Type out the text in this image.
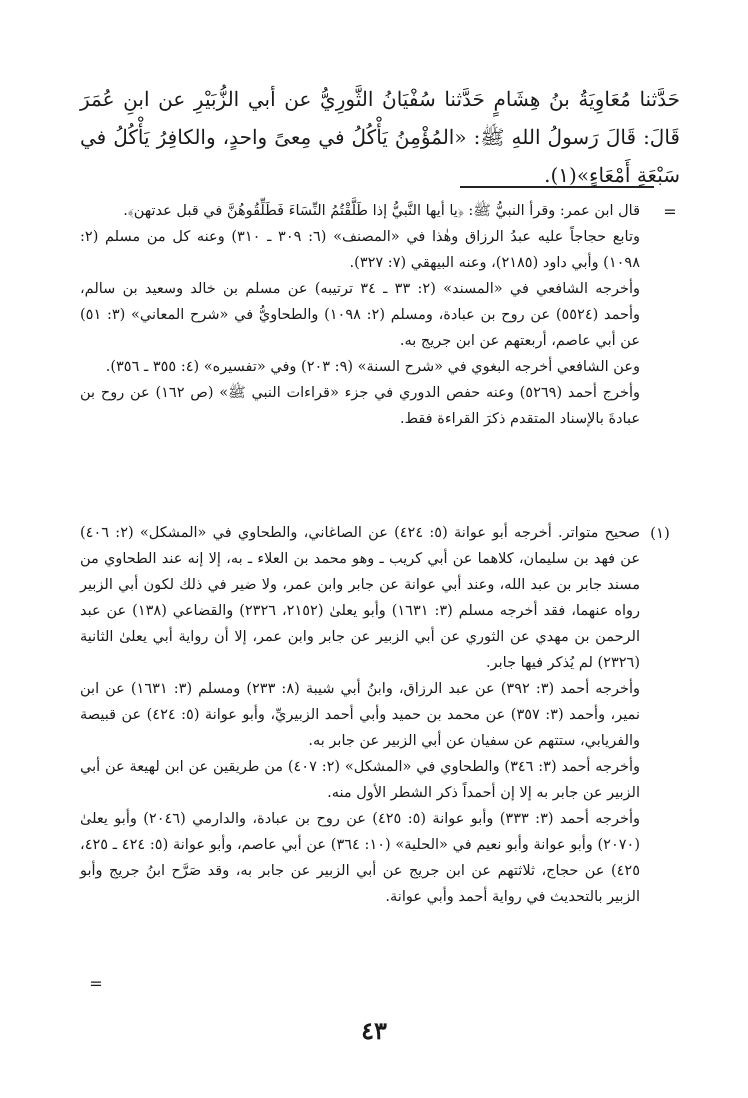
حَدَّثنا مُعَاوِيَةُ بنُ هِشَامٍ حَدَّثنا سُفْيَانُ الثَّورِيُّ عن أبي الزُّبَيْرِ عن ابنِ عُمَرَ قَالَ: قَالَ رَسولُ اللهِ ﷺ: «المُؤْمِنُ يَأْكُلُ في مِعىً واحدٍ، والكافِرُ يَأْكُلُ في سَبْعَةِ أَمْعَاءٍ»(١).
=

قال ابن عمر: وقرأ النبيُّ ﷺ: ﴿يا أيها النَّبيُّ إذا طَلَّقْتُمُ النِّسَاءَ فَطَلِّقُوهُنَّ في قبل عدتهن﴾.

وتابع حجاجاً عليه عبدُ الرزاق وهٰذا في «المصنف» (٦: ٣٠٩ ـ ٣١٠) وعنه كل من مسلم (٢: ١٠٩٨) وأبي داود (٢١٨٥)، وعنه البيهقي (٧: ٣٢٧).

وأخرجه الشافعي في «المسند» (٢: ٣٣ ـ ٣٤ ترتيبه) عن مسلم بن خالد وسعيد بن سالم، وأحمد (٥٥٢٤) عن روح بن عبادة، ومسلم (٢: ١٠٩٨) والطحاويُّ في «شرح المعاني» (٣: ٥١) عن أبي عاصم، أربعتهم عن ابن جريج به.

وعن الشافعي أخرجه البغوي في «شرح السنة» (٩: ٢٠٣) وفي «تفسيره» (٤: ٣٥٥ ـ ٣٥٦).

وأخرج أحمد (٥٢٦٩) وعنه حفص الدوري في جزء «قراءات النبي ﷺ» (ص ١٦٢) عن روح بن عبادةَ بالإسناد المتقدم ذكرَ القراءة فقط.

(١)

صحيح متواتر. أخرجه أبو عوانة (٥: ٤٢٤) عن الصاغاني، والطحاوي في «المشكل» (٢: ٤٠٦) عن فهد بن سليمان، كلاهما عن أبي كريب ـ وهو محمد بن العلاء ـ به، إلا إنه عند الطحاوي من مسند جابر بن عبد الله، وعند أبي عوانة عن جابر وابن عمر، ولا ضير في ذلك لكون أبي الزبير رواه عنهما، فقد أخرجه مسلم (٣: ١٦٣١) وأبو يعلىٰ (٢١٥٢، ٢٣٢٦) والقضاعي (١٣٨) عن عبد الرحمن بن مهدي عن الثوري عن أبي الزبير عن جابر وابن عمر، إلا أن رواية أبي يعلىٰ الثانية (٢٣٢٦) لم يُذكر فيها جابر.

وأخرجه أحمد (٣: ٣٩٢) عن عبد الرزاق، وابنُ أبي شيبة (٨: ٢٣٣) ومسلم (٣: ١٦٣١) عن ابن نمير، وأحمد (٣: ٣٥٧) عن محمد بن حميد وأبي أحمد الزبيريِّ، وأبو عوانة (٥: ٤٢٤) عن قبيصة والفريابي، ستتهم عن سفيان عن أبي الزبير عن جابر به.

وأخرجه أحمد (٣: ٣٤٦) والطحاوي في «المشكل» (٢: ٤٠٧) من طريقين عن ابن لهيعة عن أبي الزبير عن جابر به إلا إن أحمداً ذكر الشطر الأول منه.

وأخرجه أحمد (٣: ٣٣٣) وأبو عوانة (٥: ٤٢٥) عن روح بن عبادة، والدارمي (٢٠٤٦) وأبو يعلىٰ (٢٠٧٠) وأبو عوانة وأبو نعيم في «الحلية» (١٠: ٣٦٤) عن أبي عاصم، وأبو عوانة (٥: ٤٢٤ ـ ٤٢٥، ٤٢٥) عن حجاج، ثلاثتهم عن ابن جريج عن أبي الزبير عن جابر به، وقد صَرَّح ابنُ جريج وأبو الزبير بالتحديث في رواية أحمد وأبي عوانة.

=
٤٣
